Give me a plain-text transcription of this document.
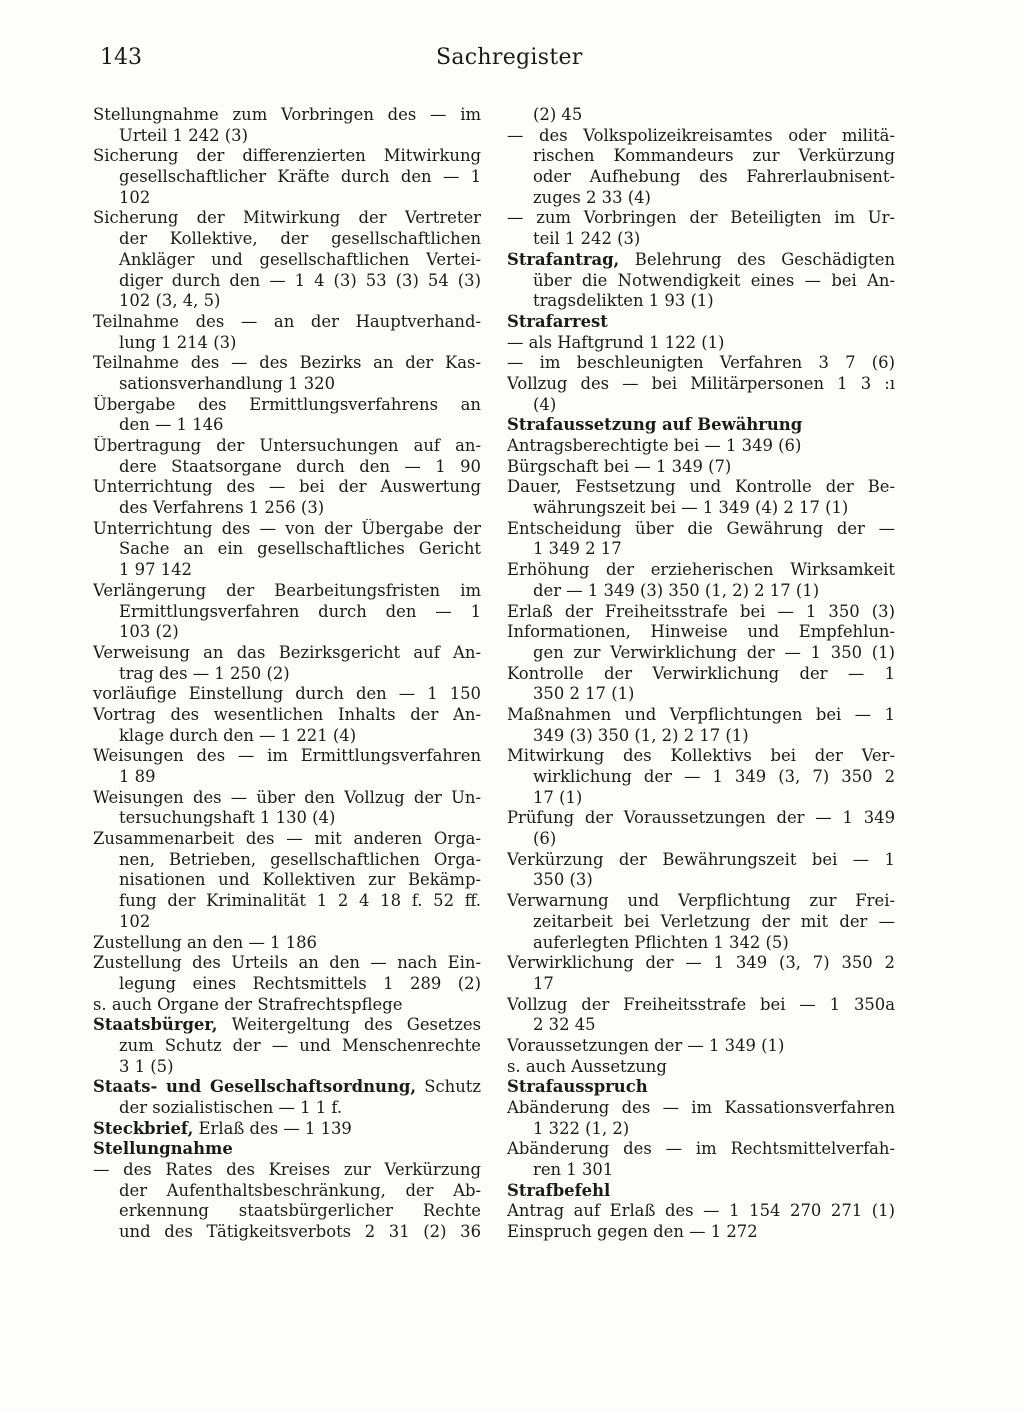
143	Sachregister
Stellungnahme zum Vorbringen des — im
Urteil 1 242 (3)
Sicherung der differenzierten Mitwirkung
gesellschaftlicher Kräfte durch den — 1
102
Sicherung der Mitwirkung der Vertreter
der Kollektive, der gesellschaftlichen
Ankläger und gesellschaftlichen Vertei-
diger durch den — 1 4 (3) 53 (3) 54 (3)
102 (3, 4, 5)
Teilnahme des — an der Hauptverhand-
lung 1 214 (3)
Teilnahme des — des Bezirks an der Kas-
sationsverhandlung 1 320
Übergabe des Ermittlungsverfahrens an
den — 1 146
Übertragung der Untersuchungen auf an-
dere Staatsorgane durch den — 1 90
Unterrichtung des — bei der Auswertung
des Verfahrens 1 256 (3)
Unterrichtung des — von der Übergabe der
Sache an ein gesellschaftliches Gericht
1 97 142
Verlängerung der Bearbeitungsfristen im
Ermittlungsverfahren durch den — 1
103 (2)
Verweisung an das Bezirksgericht auf An-
trag des — 1 250 (2)
vorläufige Einstellung durch den — 1 150
Vortrag des wesentlichen Inhalts der An-
klage durch den — 1 221 (4)
Weisungen des — im Ermittlungsverfahren
1 89
Weisungen des — über den Vollzug der Un-
tersuchungshaft 1 130 (4)
Zusammenarbeit des — mit anderen Orga-
nen, Betrieben, gesellschaftlichen Orga-
nisationen und Kollektiven zur Bekämp-
fung der Kriminalität 1 2 4 18 f. 52 ff.
102
Zustellung an den — 1 186
Zustellung des Urteils an den — nach Ein-
legung eines Rechtsmittels 1 289 (2)
s. auch Organe der Strafrechtspflege
Staatsbürger, Weitergeltung des Gesetzes
zum Schutz der — und Menschenrechte
3 1 (5)
Staats- und Gesellschaftsordnung, Schutz
der sozialistischen — 1 1 f.
Steckbrief, Erlaß des — 1 139
Stellungnahme
— des Rates des Kreises zur Verkürzung
der Aufenthaltsbeschränkung, der Ab-
erkennung staatsbürgerlicher Rechte
und des Tätigkeitsverbots 2 31 (2) 36
(2) 45
— des Volkspolizeikreisamtes oder militä-
rischen Kommandeurs zur Verkürzung
oder Aufhebung des Fahrerlaubnisent-
zuges 2 33 (4)
— zum Vorbringen der Beteiligten im Ur-
teil 1 242 (3)
Strafantrag, Belehrung des Geschädigten
über die Notwendigkeit eines — bei An-
tragsdelikten 1 93 (1)
Strafarrest
— als Haftgrund 1 122 (1)
— im beschleunigten Verfahren 3 7 (6)
Vollzug des — bei Militärpersonen 1 3 :ı
(4)
Strafaussetzung auf Bewährung
Antragsberechtigte bei — 1 349 (6)
Bürgschaft bei — 1 349 (7)
Dauer, Festsetzung und Kontrolle der Be-
währungszeit bei — 1 349 (4) 2 17 (1)
Entscheidung über die Gewährung der —
1 349 2 17
Erhöhung der erzieherischen Wirksamkeit
der — 1 349 (3) 350 (1, 2) 2 17 (1)
Erlaß der Freiheitsstrafe bei — 1 350 (3)
Informationen, Hinweise und Empfehlun-
gen zur Verwirklichung der — 1 350 (1)
Kontrolle der Verwirklichung der — 1
350 2 17 (1)
Maßnahmen und Verpflichtungen bei — 1
349 (3) 350 (1, 2) 2 17 (1)
Mitwirkung des Kollektivs bei der Ver-
wirklichung der — 1 349 (3, 7) 350 2
17 (1)
Prüfung der Voraussetzungen der — 1 349
(6)
Verkürzung der Bewährungszeit bei — 1
350 (3)
Verwarnung und Verpflichtung zur Frei-
zeitarbeit bei Verletzung der mit der —
auferlegten Pflichten 1 342 (5)
Verwirklichung der — 1 349 (3, 7) 350 2
17
Vollzug der Freiheitsstrafe bei — 1 350a
2 32 45
Voraussetzungen der — 1 349 (1)
s. auch Aussetzung
Strafausspruch
Abänderung des — im Kassationsverfahren
1 322 (1, 2)
Abänderung des — im Rechtsmittelverfah-
ren 1 301
Strafbefehl
Antrag auf Erlaß des — 1 154 270 271 (1)
Einspruch gegen den — 1 272
